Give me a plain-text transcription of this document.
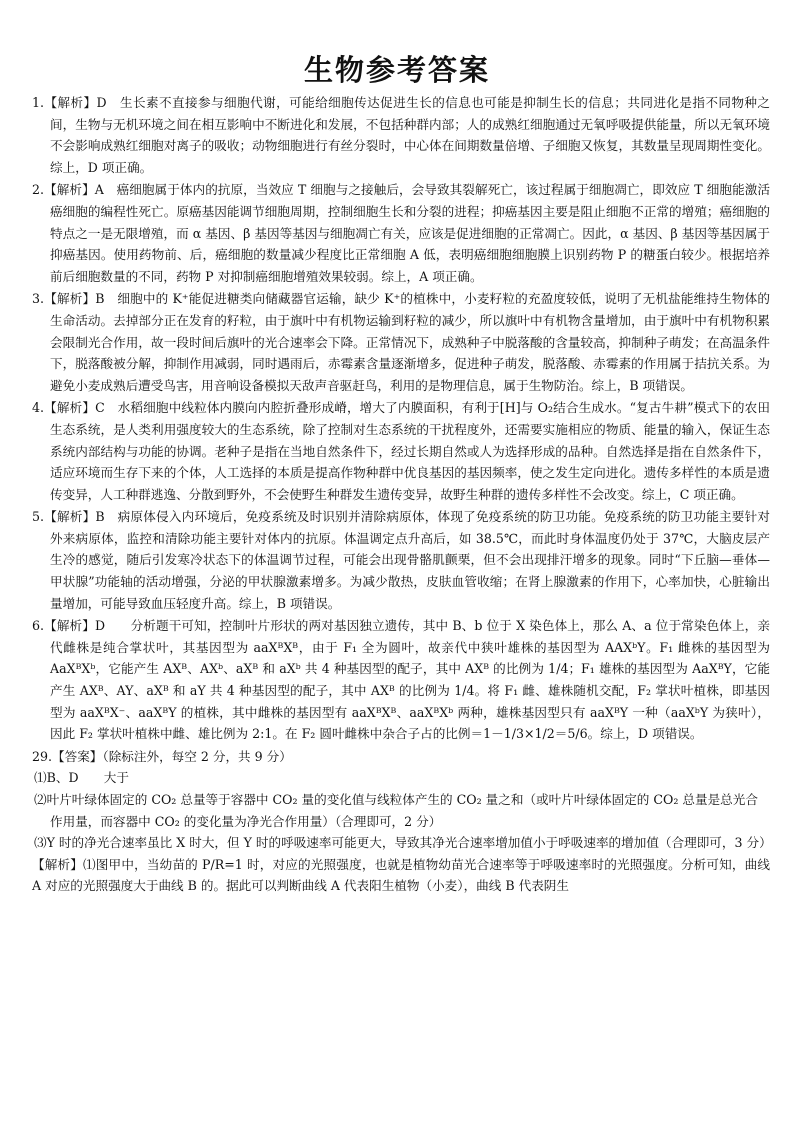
生物参考答案

1.【解析】D　生长素不直接参与细胞代谢，可能给细胞传达促进生长的信息也可能是抑制生长的信息；共同进化是指不同物种之间，生物与无机环境之间在相互影响中不断进化和发展，不包括种群内部；人的成熟红细胞通过无氧呼吸提供能量，所以无氧环境不会影响成熟红细胞对离子的吸收；动物细胞进行有丝分裂时，中心体在间期数量倍增、子细胞又恢复，其数量呈现周期性变化。综上，D 项正确。

2.【解析】A　癌细胞属于体内的抗原，当效应 T 细胞与之接触后，会导致其裂解死亡，该过程属于细胞凋亡，即效应 T 细胞能激活癌细胞的编程性死亡。原癌基因能调节细胞周期，控制细胞生长和分裂的进程；抑癌基因主要是阻止细胞不正常的增殖；癌细胞的特点之一是无限增殖，而 α 基因、β 基因等基因与细胞凋亡有关，应该是促进细胞的正常凋亡。因此，α 基因、β 基因等基因属于抑癌基因。使用药物前、后，癌细胞的数量减少程度比正常细胞 A 低，表明癌细胞细胞膜上识别药物 P 的糖蛋白较少。根据培养前后细胞数量的不同，药物 P 对抑制癌细胞增殖效果较弱。综上，A 项正确。

3.【解析】B　细胞中的 K⁺能促进糖类向储藏器官运输，缺少 K⁺的植株中，小麦籽粒的充盈度较低，说明了无机盐能维持生物体的生命活动。去掉部分正在发育的籽粒，由于旗叶中有机物运输到籽粒的减少，所以旗叶中有机物含量增加，由于旗叶中有机物积累会限制光合作用，故一段时间后旗叶的光合速率会下降。正常情况下，成熟种子中脱落酸的含量较高，抑制种子萌发；在高温条件下，脱落酸被分解，抑制作用减弱，同时遇雨后，赤霉素含量逐渐增多，促进种子萌发，脱落酸、赤霉素的作用属于拮抗关系。为避免小麦成熟后遭受鸟害，用音响设备模拟天敌声音驱赶鸟，利用的是物理信息，属于生物防治。综上，B 项错误。

4.【解析】C　水稻细胞中线粒体内膜向内腔折叠形成嵴，增大了内膜面积，有利于[H]与 O₂结合生成水。“复古牛耕”模式下的农田生态系统，是人类利用强度较大的生态系统，除了控制对生态系统的干扰程度外，还需要实施相应的物质、能量的输入，保证生态系统内部结构与功能的协调。老种子是指在当地自然条件下，经过长期自然或人为选择形成的品种。自然选择是指在自然条件下，适应环境而生存下来的个体，人工选择的本质是提高作物种群中优良基因的基因频率，使之发生定向进化。遗传多样性的本质是遗传变异，人工种群逃逸、分散到野外，不会使野生种群发生遗传变异，故野生种群的遗传多样性不会改变。综上，C 项正确。

5.【解析】B　病原体侵入内环境后，免疫系统及时识别并清除病原体，体现了免疫系统的防卫功能。免疫系统的防卫功能主要针对外来病原体，监控和清除功能主要针对体内的抗原。体温调定点升高后，如 38.5℃，而此时身体温度仍处于 37℃，大脑皮层产生冷的感觉，随后引发寒冷状态下的体温调节过程，可能会出现骨骼肌颤栗，但不会出现排汗增多的现象。同时“下丘脑—垂体—甲状腺”功能轴的活动增强，分泌的甲状腺激素增多。为减少散热，皮肤血管收缩；在肾上腺激素的作用下，心率加快，心脏输出量增加，可能导致血压轻度升高。综上，B 项错误。

6.【解析】D　　分析题干可知，控制叶片形状的两对基因独立遗传，其中 B、b 位于 X 染色体上，那么 A、a 位于常染色体上，亲代雌株是纯合掌状叶，其基因型为 aaXᴮXᴮ，由于 F₁ 全为圆叶，故亲代中狭叶雄株的基因型为 AAXᵇY。F₁ 雌株的基因型为 AaXᴮXᵇ，它能产生 AXᴮ、AXᵇ、aXᴮ 和 aXᵇ 共 4 种基因型的配子，其中 AXᴮ 的比例为 1/4；F₁ 雄株的基因型为 AaXᴮY，它能产生 AXᴮ、AY、aXᴮ 和 aY 共 4 种基因型的配子，其中 AXᴮ 的比例为 1/4。将 F₁ 雌、雄株随机交配，F₂ 掌状叶植株，即基因型为 aaXᴮX⁻、aaXᴮY 的植株，其中雌株的基因型有 aaXᴮXᴮ、aaXᴮXᵇ 两种，雄株基因型只有 aaXᴮY 一种（aaXᵇY 为狭叶），因此 F₂ 掌状叶植株中雌、雄比例为 2:1。在 F₂ 圆叶雌株中杂合子占的比例＝1－1/3×1/2＝5/6。综上，D 项错误。

29.【答案】（除标注外，每空 2 分，共 9 分）

⑴B、D　　大于

⑵叶片叶绿体固定的 CO₂ 总量等于容器中 CO₂ 量的变化值与线粒体产生的 CO₂ 量之和（或叶片叶绿体固定的 CO₂ 总量是总光合作用量，而容器中 CO₂ 的变化量为净光合作用量）（合理即可，2 分）

⑶Y 时的净光合速率虽比 X 时大，但 Y 时的呼吸速率可能更大，导致其净光合速率增加值小于呼吸速率的增加值（合理即可，3 分）

【解析】⑴图甲中，当幼苗的 P/R=1 时，对应的光照强度，也就是植物幼苗光合速率等于呼吸速率时的光照强度。分析可知，曲线 A 对应的光照强度大于曲线 B 的。据此可以判断曲线 A 代表阳生植物（小麦），曲线 B 代表阴生
